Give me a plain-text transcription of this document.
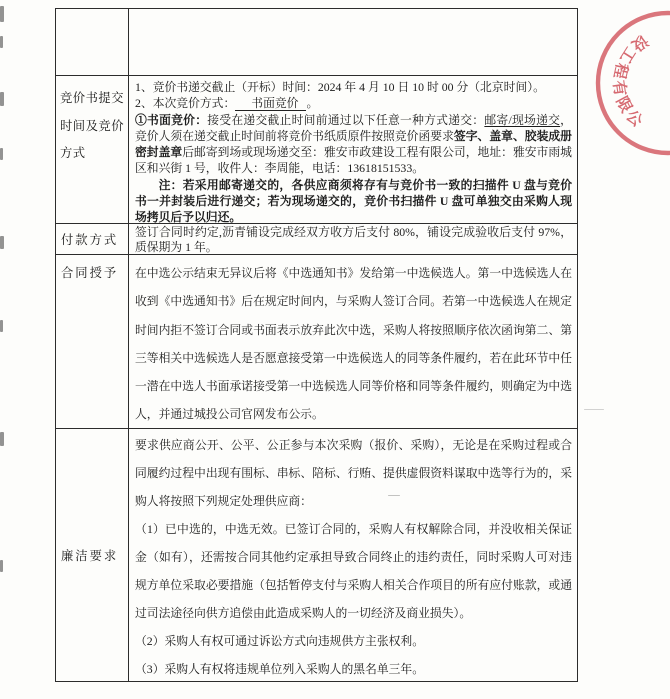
竞价书提交
时间及竞价
方式

1、竞价书递交截止（开标）时间：2024 年 4 月 10 日 10 时 00 分（北京时间）。

2、本次竞价方式： 书面竞价 。

①书面竞价：接受在递交截止时间前通过以下任意一种方式递交：邮寄/现场递交，竞价人须在递交截止时间前将竞价书纸质原件按照竞价函要求签字、盖章、胶装成册密封盖章后邮寄到场或现场递交至：雅安市政建设工程有限公司，地址：雅安市雨城区和兴街 1 号，收件人：李周能，电话：13618151533。

注：若采用邮寄递交的，各供应商须将存有与竞价书一致的扫描件 U 盘与竞价书一并封装后进行递交；若为现场递交的，竞价书扫描件 U 盘可单独交由采购人现场拷贝后予以归还。

付款方式

签订合同时约定,沥青铺设完成经双方收方后支付 80%，铺设完成验收后支付 97%，质保期为 1 年。

合同授予	在中选公示结束无异议后将《中选通知书》发给第一中选候选人。第一中选候选人在收到《中选通知书》后在规定时间内，与采购人签订合同。若第一中选候选人在规定时间内拒不签订合同或书面表示放弃此次中选，采购人将按照顺序依次函询第二、第三等相关中选候选人是否愿意接受第一中选候选人的同等条件履约，若在此环节中任一潜在中选人书面承诺接受第一中选候选人同等价格和同等条件履约，则确定为中选人，并通过城投公司官网发布公示。

廉洁要求

要求供应商公开、公平、公正参与本次采购（报价、采购），无论是在采购过程或合同履约过程中出现有围标、串标、陪标、行贿、提供虚假资料谋取中选等行为的，采购人将按照下列规定处理供应商：

（1）已中选的，中选无效。已签订合同的，采购人有权解除合同，并没收相关保证金（如有），还需按合同其他约定承担导致合同终止的违约责任，同时采购人可对违规方单位采取必要措施（包括暂停支付与采购人相关合作项目的所有应付账款，或通过司法途径向供方追偿由此造成采购人的一切经济及商业损失）。

（2）采购人有权可通过诉讼方式向违规供方主张权利。

（3）采购人有权将违规单位列入采购人的黑名单三年。

设工程有限公
